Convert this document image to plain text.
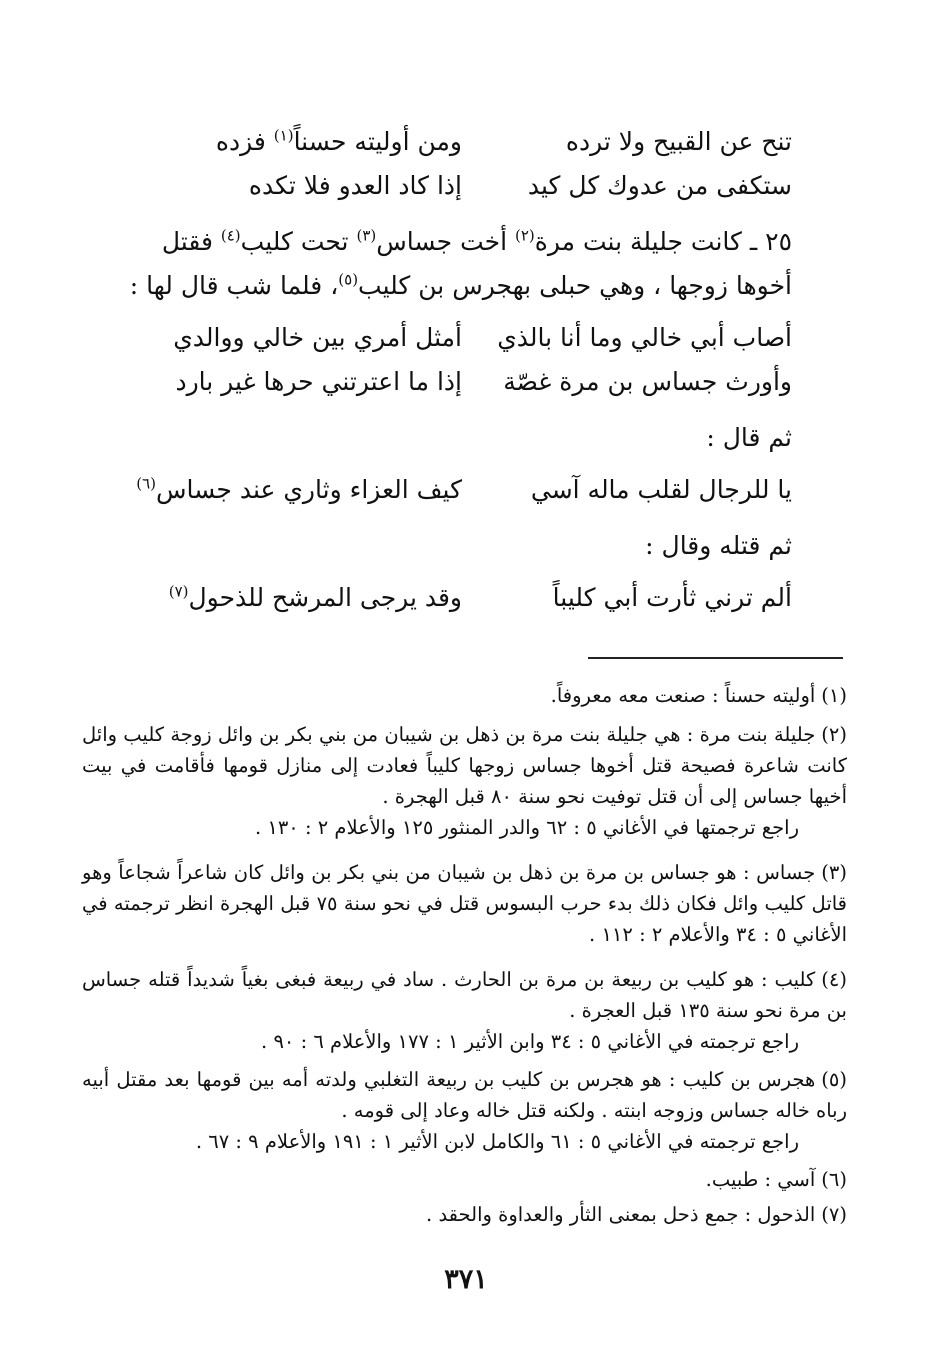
تنح عن القبيح ولا ترده
ومن أوليته حسناً$^{(١)}$ فزده
ستكفى من عدوك كل كيد
إذا كاد العدو فلا تكده
٢٥ ـ كانت جليلة بنت مرة$^{(٢)}$ أخت جساس$^{(٣)}$ تحت كليب$^{(٤)}$ فقتل
أخوها زوجها ، وهي حبلى بهجرس بن كليب$^{(٥)}$، فلما شب قال لها :
أصاب أبي خالي وما أنا بالذي
أمثل أمري بين خالي ووالدي
وأورث جساس بن مرة غصّة
إذا ما اعترتني حرها غير بارد
ثم قال :
يا للرجال لقلب ماله آسي
كيف العزاء وثاري عند جساس$^{(٦)}$
ثم قتله وقال :
ألم ترني ثأرت أبي كليباً
وقد يرجى المرشح للذحول$^{(٧)}$
(١)أوليته حسناً : صنعت معه معروفاً.
(٢)جليلة بنت مرة : هي جليلة بنت مرة بن ذهل بن شيبان من بني بكر بن وائل زوجة كليب وائل كانت شاعرة فصيحة قتل أخوها جساس زوجها كليباً فعادت إلى منازل قومها فأقامت في بيت أخيها جساس إلى أن قتل توفيت نحو سنة ٨٠ قبل الهجرة .
راجع ترجمتها في الأغاني ٥ : ٦٢ والدر المنثور ١٢٥ والأعلام ٢ : ١٣٠ .
(٣)جساس : هو جساس بن مرة بن ذهل بن شيبان من بني بكر بن وائل كان شاعراً شجاعاً وهو قاتل كليب وائل فكان ذلك بدء حرب البسوس قتل في نحو سنة ٧٥ قبل الهجرة انظر ترجمته في الأغاني ٥ : ٣٤ والأعلام ٢ : ١١٢ .
(٤)كليب : هو كليب بن ربيعة بن مرة بن الحارث . ساد في ربيعة فبغى بغياً شديداً قتله جساس بن مرة نحو سنة ١٣٥ قبل العجرة .
راجع ترجمته في الأغاني ٥ : ٣٤ وابن الأثير ١ : ١٧٧ والأعلام ٦ : ٩٠ .
(٥)هجرس بن كليب : هو هجرس بن كليب بن ربيعة التغلبي ولدته أمه بين قومها بعد مقتل أبيه رباه خاله جساس وزوجه ابنته . ولكنه قتل خاله وعاد إلى قومه .
راجع ترجمته في الأغاني ٥ : ٦١ والكامل لابن الأثير ١ : ١٩١ والأعلام ٩ : ٦٧ .
(٦)آسي : طبيب.
(٧)الذحول : جمع ذحل بمعنى الثأر والعداوة والحقد .
٣٧١
